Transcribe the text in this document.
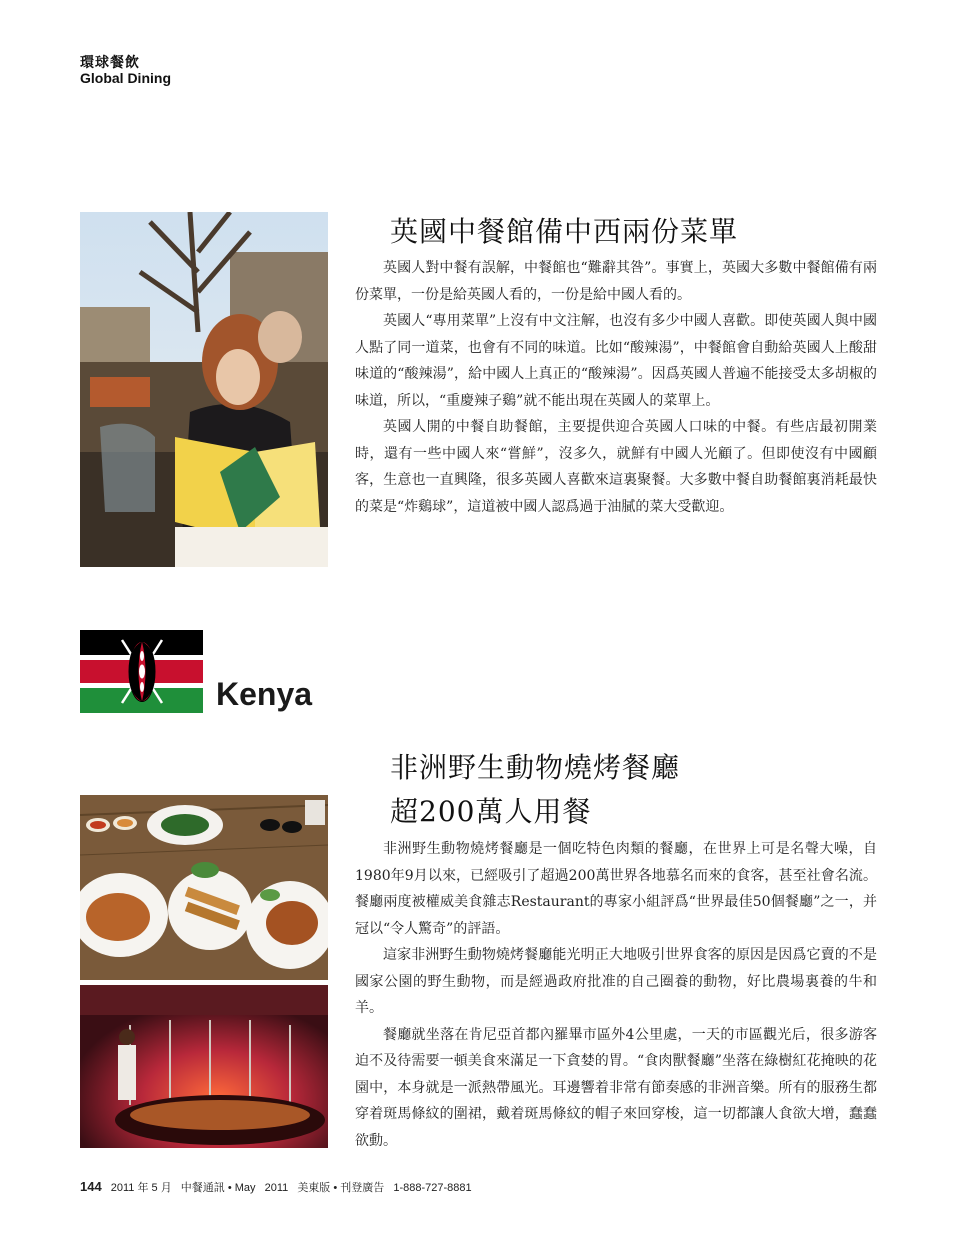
環球餐飲
Global Dining
英國中餐館備中西兩份菜單

英國人對中餐有誤解，中餐館也“難辭其咎”。事實上，英國大多數中餐館備有兩份菜單，一份是給英國人看的，一份是給中國人看的。

英國人“專用菜單”上沒有中文注解，也沒有多少中國人喜歡。即使英國人與中國人點了同一道菜，也會有不同的味道。比如“酸辣湯”，中餐館會自動給英國人上酸甜味道的“酸辣湯”，給中國人上真正的“酸辣湯”。因爲英國人普遍不能接受太多胡椒的味道，所以，“重慶辣子鷄”就不能出現在英國人的菜單上。

英國人開的中餐自助餐館，主要提供迎合英國人口味的中餐。有些店最初開業時，還有一些中國人來“嘗鮮”，沒多久，就鮮有中國人光顧了。但即使沒有中國顧客，生意也一直興隆，很多英國人喜歡來這裏聚餐。大多數中餐自助餐館裏消耗最快的菜是“炸鷄球”，這道被中國人認爲過于油膩的菜大受歡迎。

Kenya
非洲野生動物燒烤餐廳
超200萬人用餐

非洲野生動物燒烤餐廳是一個吃特色肉類的餐廳，在世界上可是名聲大噪，自1980年9月以來，已經吸引了超過200萬世界各地慕名而來的食客，甚至社會名流。餐廳兩度被權威美食雜志Restaurant的專家小組評爲“世界最佳50個餐廳”之一，并冠以“令人驚奇”的評語。

這家非洲野生動物燒烤餐廳能光明正大地吸引世界食客的原因是因爲它賣的不是國家公園的野生動物，而是經過政府批准的自己圈養的動物，好比農場裏養的牛和羊。

餐廳就坐落在肯尼亞首都內羅畢市區外4公里處，一天的市區觀光后，很多游客迫不及待需要一頓美食來滿足一下貪婪的胃。“食肉獸餐廳”坐落在綠樹紅花掩映的花園中，本身就是一派熱帶風光。耳邊響着非常有節奏感的非洲音樂。所有的服務生都穿着斑馬條紋的圍裙，戴着斑馬條紋的帽子來回穿梭，這一切都讓人食欲大增，蠢蠢欲動。

144 2011 年 5 月 中餐通訊 • May 2011 美東版 • 刊登廣告 1-888-727-8881
